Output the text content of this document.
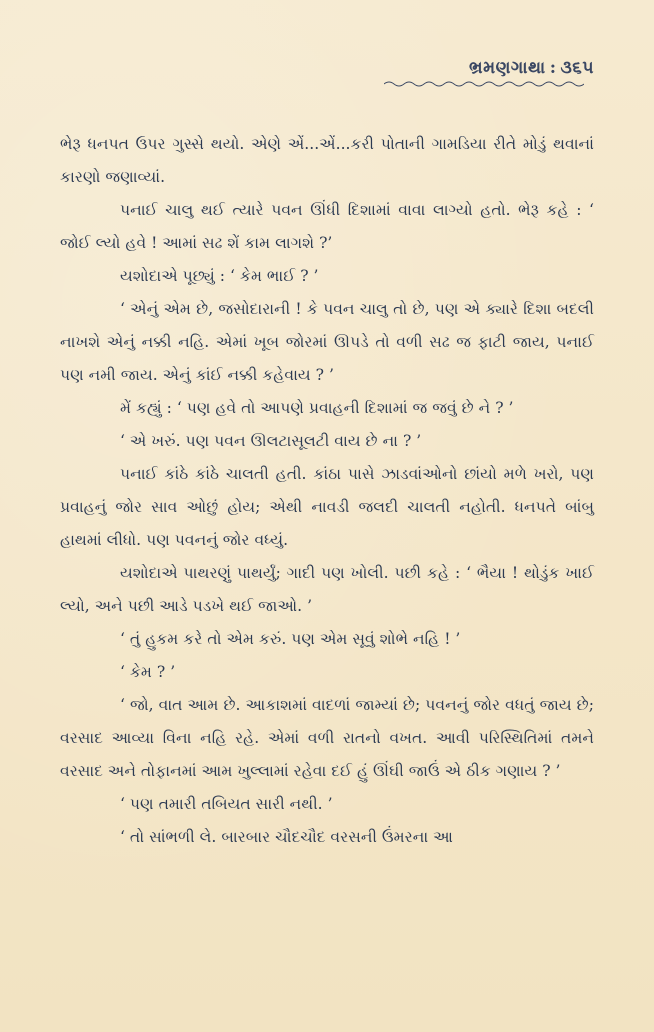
ભ્રમણગાથા : ૩૬૫

ભેરૂ ધનપત ઉપર ગુસ્સે થયો. એણે એં...એં...કરી પોતાની ગામડિયા રીતે મોડું થવાનાં કારણો જણાવ્યાં.

પનાઈ ચાલુ થઈ ત્યારે પવન ઊંધી દિશામાં વાવા લાગ્યો હતો. ભેરૂ કહે : ‘ જોઈ લ્યો હવે ! આમાં સઢ શેં કામ લાગશે ?’

યશોદાએ પૂછ્યું : ‘ કેમ ભાઈ ? ’

‘ એનું એમ છે, જસોદારાની ! કે પવન ચાલુ તો છે, પણ એ ક્યારે દિશા બદલી નાખશે એનું નક્કી નહિ. એમાં ખૂબ જોરમાં ઊપડે તો વળી સઢ જ ફાટી જાય, પનાઈ પણ નમી જાય. એનું કાંઈ નક્કી કહેવાય ? ’

મેં કહ્યું : ‘ પણ હવે તો આપણે પ્રવાહની દિશામાં જ જવું છે ને ? ’

‘ એ ખરું. પણ પવન ઊલટાસૂલટી વાય છે ના ? ’

પનાઈ કાંઠે કાંઠે ચાલતી હતી. કાંઠા પાસે ઝાડવાંઓનો છાંયો મળે ખરો, પણ પ્રવાહનું જોર સાવ ઓછું હોય; એથી નાવડી જલદી ચાલતી નહોતી. ધનપતે બાંબુ હાથમાં લીધો. પણ પવનનું જોર વધ્યું.

યશોદાએ પાથરણું પાથર્યું; ગાદી પણ ખોલી. પછી કહે : ‘ ભૈયા ! થોડુંક ખાઈ લ્યો, અને પછી આડે પડખે થઈ જાઓ. ’

‘ તું હુકમ કરે તો એમ કરું. પણ એમ સૂવું શોભે નહિ ! ’

‘ કેમ ? ’

‘ જો, વાત આમ છે. આકાશમાં વાદળાં જામ્યાં છે; પવનનું જોર વધતું જાય છે; વરસાદ આવ્યા વિના નહિ રહે. એમાં વળી રાતનો વખત. આવી પરિસ્થિતિમાં તમને વરસાદ અને તોફાનમાં આમ ખુલ્લામાં રહેવા દઈ હું ઊંઘી જાઉં એ ઠીક ગણાય ? ’

‘ પણ તમારી તબિયત સારી નથી. ’

‘ તો સાંભળી લે. બારબાર ચૌદચૌદ વરસની ઉંમરના આ
